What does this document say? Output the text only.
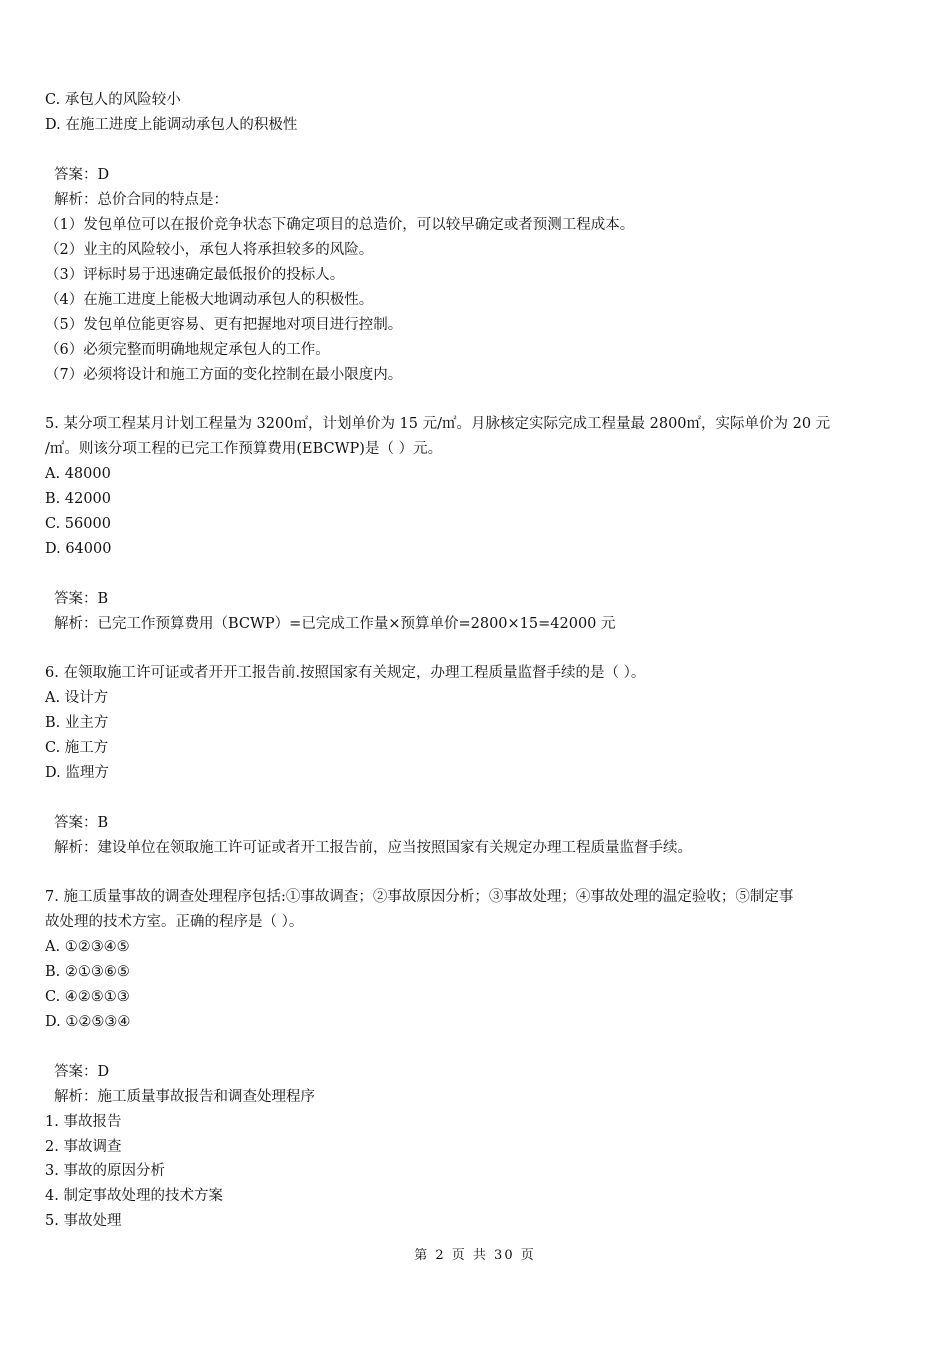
C. 承包人的风险较小
D. 在施工进度上能调动承包人的积极性
答案：D
解析：总价合同的特点是：
（1）发包单位可以在报价竞争状态下确定项目的总造价，可以较早确定或者预测工程成本。
（2）业主的风险较小，承包人将承担较多的风险。
（3）评标时易于迅速确定最低报价的投标人。
（4）在施工进度上能极大地调动承包人的积极性。
（5）发包单位能更容易、更有把握地对项目进行控制。
（6）必须完整而明确地规定承包人的工作。
（7）必须将设计和施工方面的变化控制在最小限度内。
5. 某分项工程某月计划工程量为 3200㎡，计划单价为 15 元/㎡。月脉核定实际完成工程量最 2800㎡，实际单价为 20 元
/㎡。则该分项工程的已完工作预算费用(EBCWP)是（ ）元。
A. 48000
B. 42000
C. 56000
D. 64000
答案：B
解析：已完工作预算费用（BCWP）=已完成工作量×预算单价=2800×15=42000 元
6. 在领取施工许可证或者开开工报告前.按照国家有关规定，办理工程质量监督手续的是（ ）。
A. 设计方
B. 业主方
C. 施工方
D. 监理方
答案：B
解析：建设单位在领取施工许可证或者开工报告前，应当按照国家有关规定办理工程质量监督手续。
7. 施工质量事故的调查处理程序包括:①事故调查；②事故原因分析；③事故处理；④事故处理的温定验收；⑤制定事
故处理的技术方室。正确的程序是（ ）。
A. ①②③④⑤
B. ②①③⑥⑤
C. ④②⑤①③
D. ①②⑤③④
答案：D
解析：施工质量事故报告和调查处理程序
1. 事故报告
2. 事故调查
3. 事故的原因分析
4. 制定事故处理的技术方案
5. 事故处理
第 2 页 共 30 页
